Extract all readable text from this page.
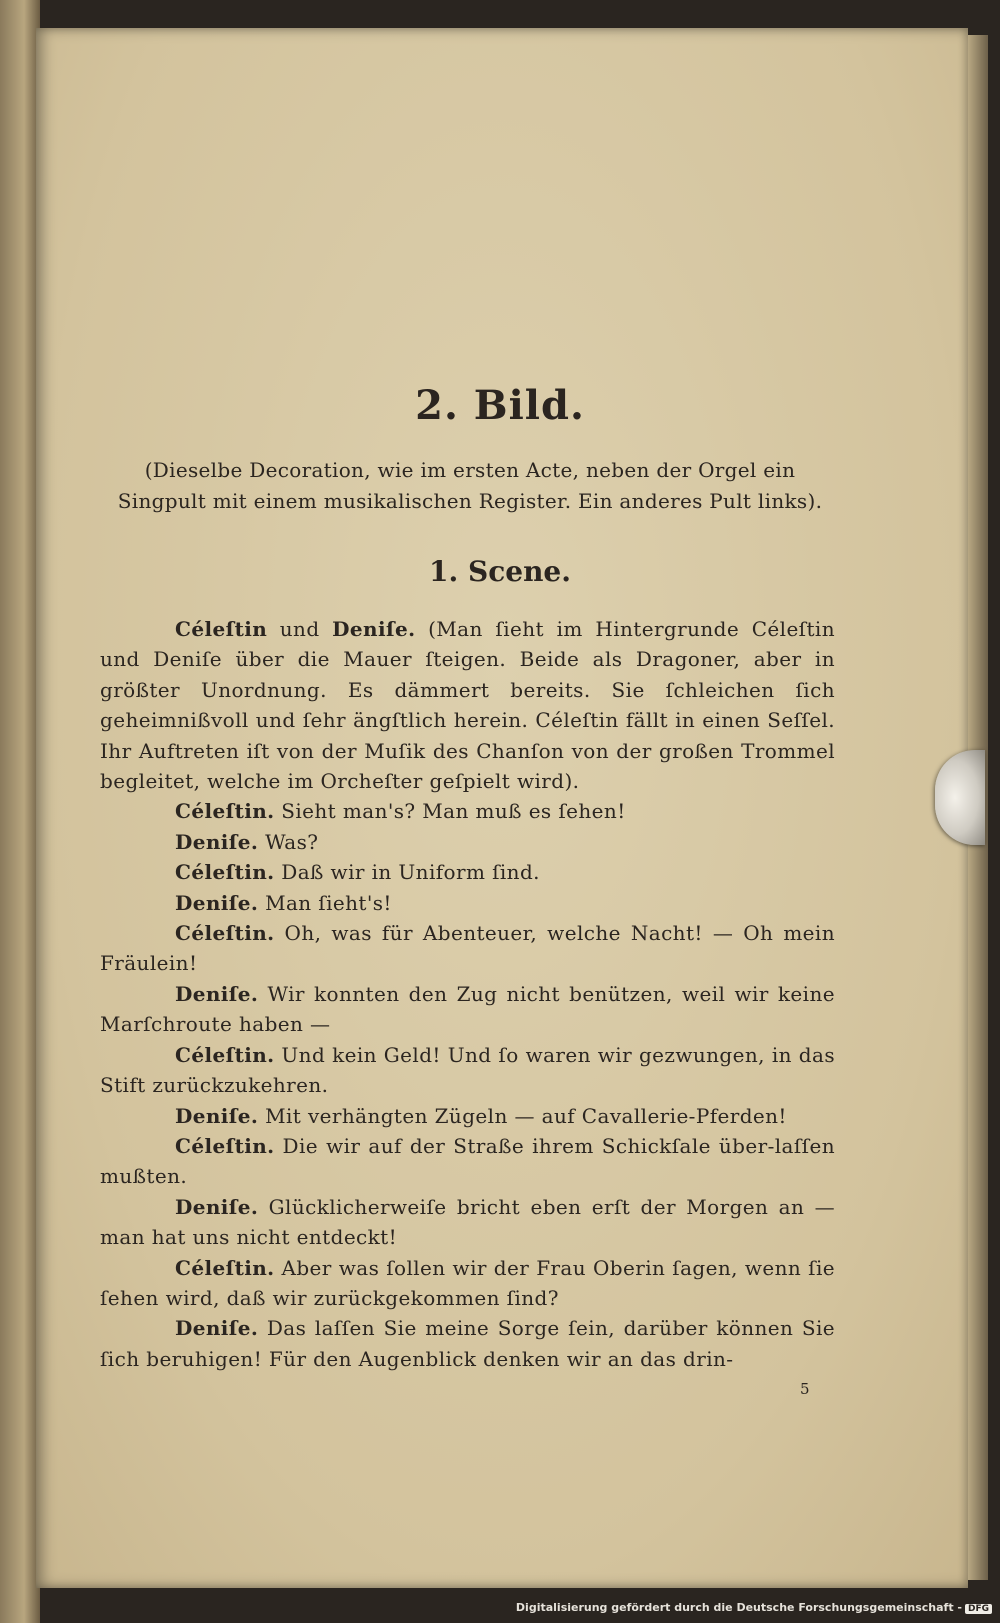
2. Bild.
(Dieselbe Decoration, wie im ersten Acte, neben der Orgel ein Singpult mit einem musikalischen Register. Ein anderes Pult links).
1. Scene.

Céleſtin und Deniſe. (Man ſieht im Hintergrunde Céleſtin und Deniſe über die Mauer ſteigen. Beide als Dragoner, aber in größter Unordnung. Es dämmert bereits. Sie ſchleichen ſich geheimnißvoll und ſehr ängſtlich herein. Céleſtin fällt in einen Seſſel. Ihr Auftreten iſt von der Muſik des Chanſon von der großen Trommel begleitet, welche im Orcheſter geſpielt wird).

Céleſtin. Sieht man's? Man muß es ſehen!

Deniſe. Was?

Céleſtin. Daß wir in Uniform ſind.

Deniſe. Man ſieht's!

Céleſtin. Oh, was für Abenteuer, welche Nacht! — Oh mein Fräulein!

Deniſe. Wir konnten den Zug nicht benützen, weil wir keine Marſchroute haben —

Céleſtin. Und kein Geld! Und ſo waren wir gezwungen, in das Stift zurückzukehren.

Deniſe. Mit verhängten Zügeln — auf Cavallerie-Pferden!

Céleſtin. Die wir auf der Straße ihrem Schickſale über-laſſen mußten.

Deniſe. Glücklicherweiſe bricht eben erſt der Morgen an — man hat uns nicht entdeckt!

Céleſtin. Aber was ſollen wir der Frau Oberin ſagen, wenn ſie ſehen wird, daß wir zurückgekommen ſind?

Deniſe. Das laſſen Sie meine Sorge ſein, darüber können Sie ſich beruhigen! Für den Augenblick denken wir an das drin-

5
Digitalisierung gefördert durch die Deutsche Forschungsgemeinschaft - DFG
